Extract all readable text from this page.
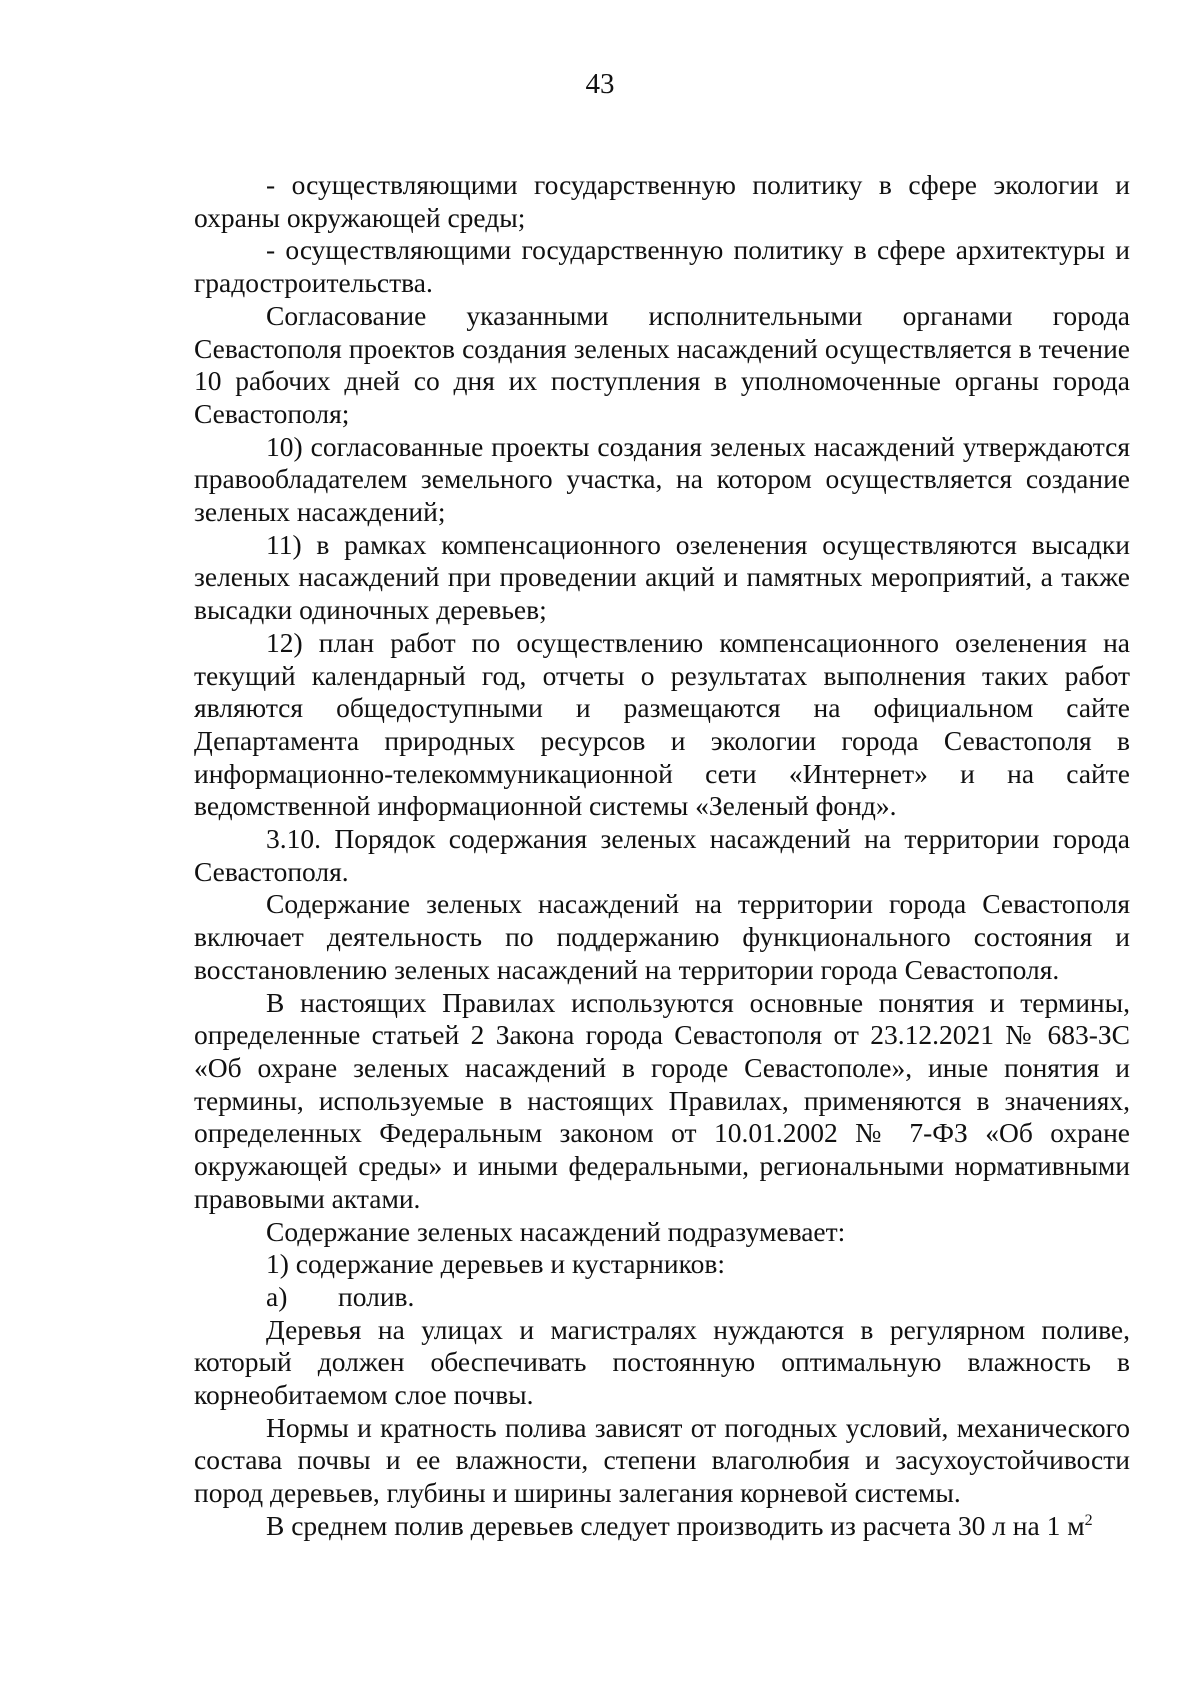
43

- осуществляющими государственную политику в сфере экологии и охраны окружающей среды;

- осуществляющими государственную политику в сфере архитектуры и градостроительства.

Согласование указанными исполнительными органами города Севастополя проектов создания зеленых насаждений осуществляется в течение 10 рабочих дней со дня их поступления в уполномоченные органы города Севастополя;

10) согласованные проекты создания зеленых насаждений утверждаются правообладателем земельного участка, на котором осуществляется создание зеленых насаждений;

11) в рамках компенсационного озеленения осуществляются высадки зеленых насаждений при проведении акций и памятных мероприятий, а также высадки одиночных деревьев;

12) план работ по осуществлению компенсационного озеленения на текущий календарный год, отчеты о результатах выполнения таких работ являются общедоступными и размещаются на официальном сайте Департамента природных ресурсов и экологии города Севастополя в информационно-телекоммуникационной сети «Интернет» и на сайте ведомственной информационной системы «Зеленый фонд».

3.10. Порядок содержания зеленых насаждений на территории города Севастополя.

Содержание зеленых насаждений на территории города Севастополя включает деятельность по поддержанию функционального состояния и восстановлению зеленых насаждений на территории города Севастополя.

В настоящих Правилах используются основные понятия и термины, определенные статьей 2 Закона города Севастополя от 23.12.2021 № 683-ЗС «Об охране зеленых насаждений в городе Севастополе», иные понятия и термины, используемые в настоящих Правилах, применяются в значениях, определенных Федеральным законом от 10.01.2002 № 7-ФЗ «Об охране окружающей среды» и иными федеральными, региональными нормативными правовыми актами.

Содержание зеленых насаждений подразумевает:

1) содержание деревьев и кустарников:

а) полив.

Деревья на улицах и магистралях нуждаются в регулярном поливе, который должен обеспечивать постоянную оптимальную влажность в корнеобитаемом слое почвы.

Нормы и кратность полива зависят от погодных условий, механического состава почвы и ее влажности, степени влаголюбия и засухоустойчивости пород деревьев, глубины и ширины залегания корневой системы.

В среднем полив деревьев следует производить из расчета 30 л на 1 $м^2$
